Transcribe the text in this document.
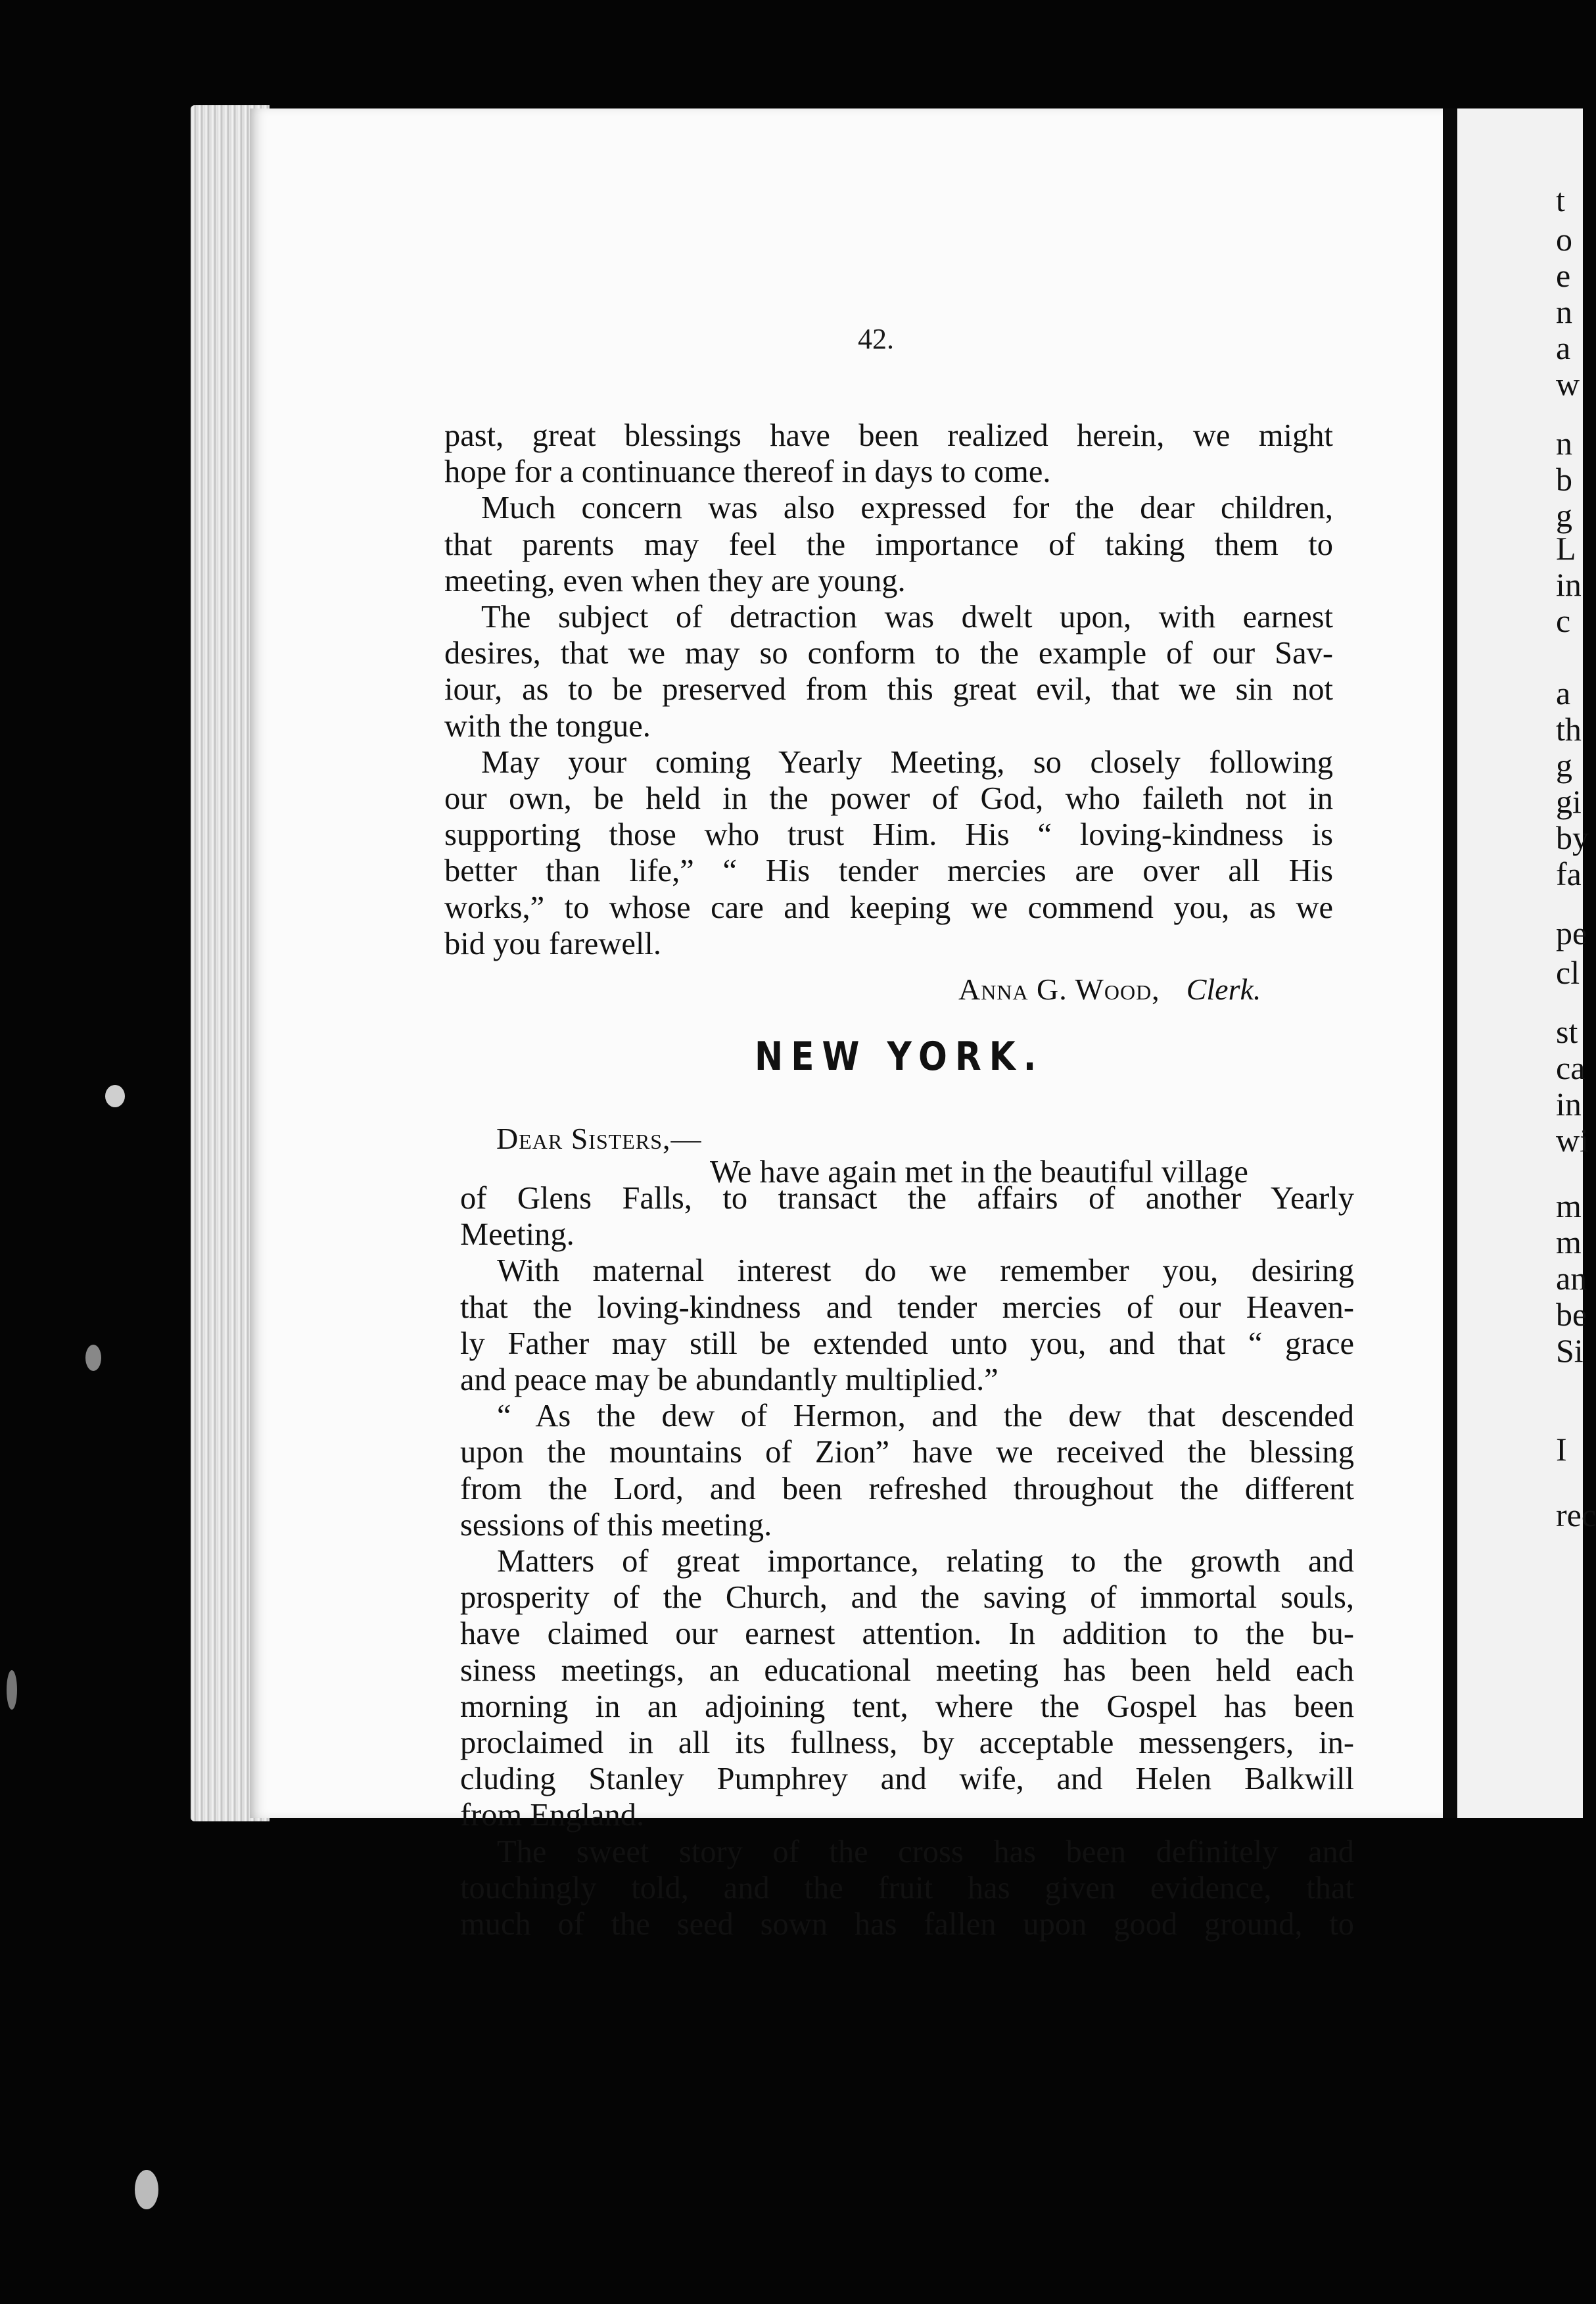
t
o
e
n
a
w
n
b
g
L
in
c
a
th
g
gi
by
fa
pe
cl
st
ca
in
wi
m
m
an
be
Si
I
rec
42.
past, great blessings have been realized herein, we might
hope for a continuance thereof in days to come.
Much concern was also expressed for the dear children,
that parents may feel the importance of taking them to
meeting, even when they are young.
The subject of detraction was dwelt upon, with earnest
desires, that we may so conform to the example of our Sav-
iour, as to be preserved from this great evil, that we sin not
with the tongue.
May your coming Yearly Meeting, so closely following
our own, be held in the power of God, who faileth not in
supporting those who trust Him. His “ loving-kindness is
better than life,” “ His tender mercies are over all His
works,” to whose care and keeping we commend you, as we
bid you farewell.
Anna G. Wood, Clerk.
NEW YORK.
Dear Sisters,—
We have again met in the beautiful village
of Glens Falls, to transact the affairs of another Yearly
Meeting.
With maternal interest do we remember you, desiring
that the loving-kindness and tender mercies of our Heaven-
ly Father may still be extended unto you, and that “ grace
and peace may be abundantly multiplied.”
“ As the dew of Hermon, and the dew that descended
upon the mountains of Zion” have we received the blessing
from the Lord, and been refreshed throughout the different
sessions of this meeting.
Matters of great importance, relating to the growth and
prosperity of the Church, and the saving of immortal souls,
have claimed our earnest attention. In addition to the bu-
siness meetings, an educational meeting has been held each
morning in an adjoining tent, where the Gospel has been
proclaimed in all its fullness, by acceptable messengers, in-
cluding Stanley Pumphrey and wife, and Helen Balkwill
from England.
The sweet story of the cross has been definitely and
touchingly told, and the fruit has given evidence, that
much of the seed sown has fallen upon good ground, to
